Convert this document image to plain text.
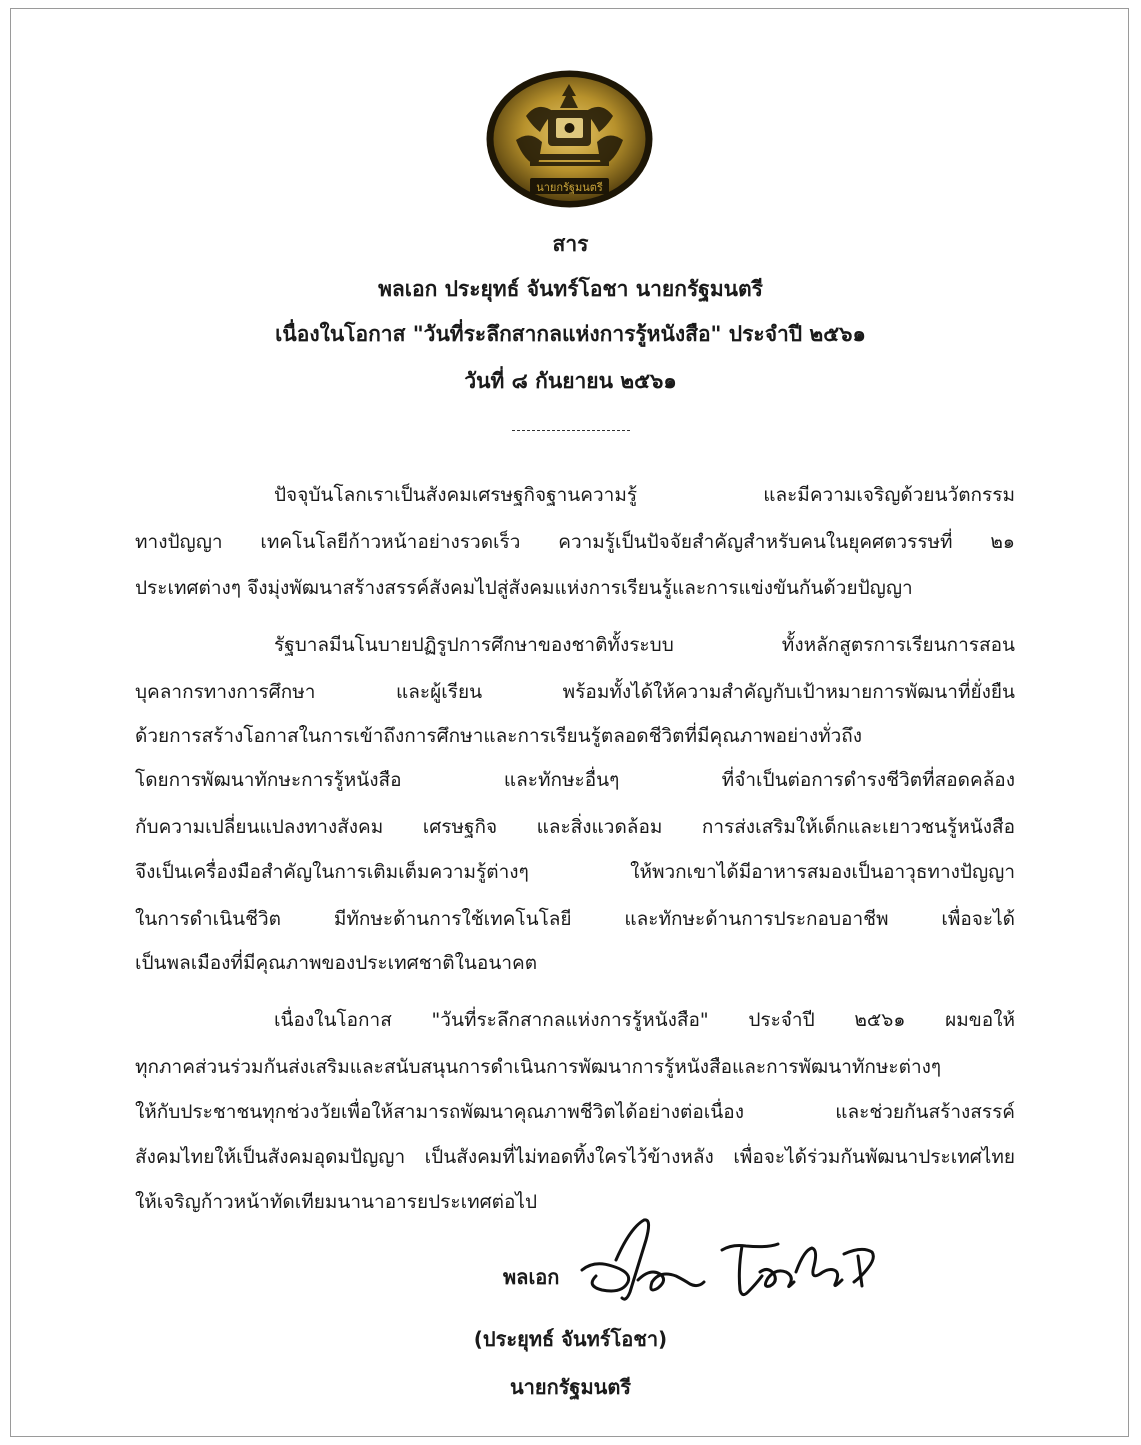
นายกรัฐมนตรี
สาร
พลเอก ประยุทธ์ จันทร์โอชา นายกรัฐมนตรี
เนื่องในโอกาส "วันที่ระลึกสากลแห่งการรู้หนังสือ" ประจำปี ๒๕๖๑
วันที่ ๘ กันยายน ๒๕๖๑
ปัจจุบันโลกเราเป็นสังคมเศรษฐกิจฐานความรู้ และมีความเจริญด้วยนวัตกรรม
ทางปัญญา เทคโนโลยีก้าวหน้าอย่างรวดเร็ว ความรู้เป็นปัจจัยสำคัญสำหรับคนในยุคศตวรรษที่ ๒๑
ประเทศต่างๆ จึงมุ่งพัฒนาสร้างสรรค์สังคมไปสู่สังคมแห่งการเรียนรู้และการแข่งขันกันด้วยปัญญา
รัฐบาลมีนโนบายปฏิรูปการศึกษาของชาติทั้งระบบ ทั้งหลักสูตรการเรียนการสอน
บุคลากรทางการศึกษา และผู้เรียน พร้อมทั้งได้ให้ความสำคัญกับเป้าหมายการพัฒนาที่ยั่งยืน
ด้วยการสร้างโอกาสในการเข้าถึงการศึกษาและการเรียนรู้ตลอดชีวิตที่มีคุณภาพอย่างทั่วถึง
โดยการพัฒนาทักษะการรู้หนังสือ และทักษะอื่นๆ ที่จำเป็นต่อการดำรงชีวิตที่สอดคล้อง
กับความเปลี่ยนแปลงทางสังคม เศรษฐกิจ และสิ่งแวดล้อม การส่งเสริมให้เด็กและเยาวชนรู้หนังสือ
จึงเป็นเครื่องมือสำคัญในการเติมเต็มความรู้ต่างๆ ให้พวกเขาได้มีอาหารสมองเป็นอาวุธทางปัญญา
ในการดำเนินชีวิต มีทักษะด้านการใช้เทคโนโลยี และทักษะด้านการประกอบอาชีพ เพื่อจะได้
เป็นพลเมืองที่มีคุณภาพของประเทศชาติในอนาคต
เนื่องในโอกาส "วันที่ระลึกสากลแห่งการรู้หนังสือ" ประจำปี ๒๕๖๑ ผมขอให้
ทุกภาคส่วนร่วมกันส่งเสริมและสนับสนุนการดำเนินการพัฒนาการรู้หนังสือและการพัฒนาทักษะต่างๆ
ให้กับประชาชนทุกช่วงวัยเพื่อให้สามารถพัฒนาคุณภาพชีวิตได้อย่างต่อเนื่อง และช่วยกันสร้างสรรค์
สังคมไทยให้เป็นสังคมอุดมปัญญา เป็นสังคมที่ไม่ทอดทิ้งใครไว้ข้างหลัง เพื่อจะได้ร่วมกันพัฒนาประเทศไทย
ให้เจริญก้าวหน้าทัดเทียมนานาอารยประเทศต่อไป
พลเอก
(ประยุทธ์ จันทร์โอชา)
นายกรัฐมนตรี
